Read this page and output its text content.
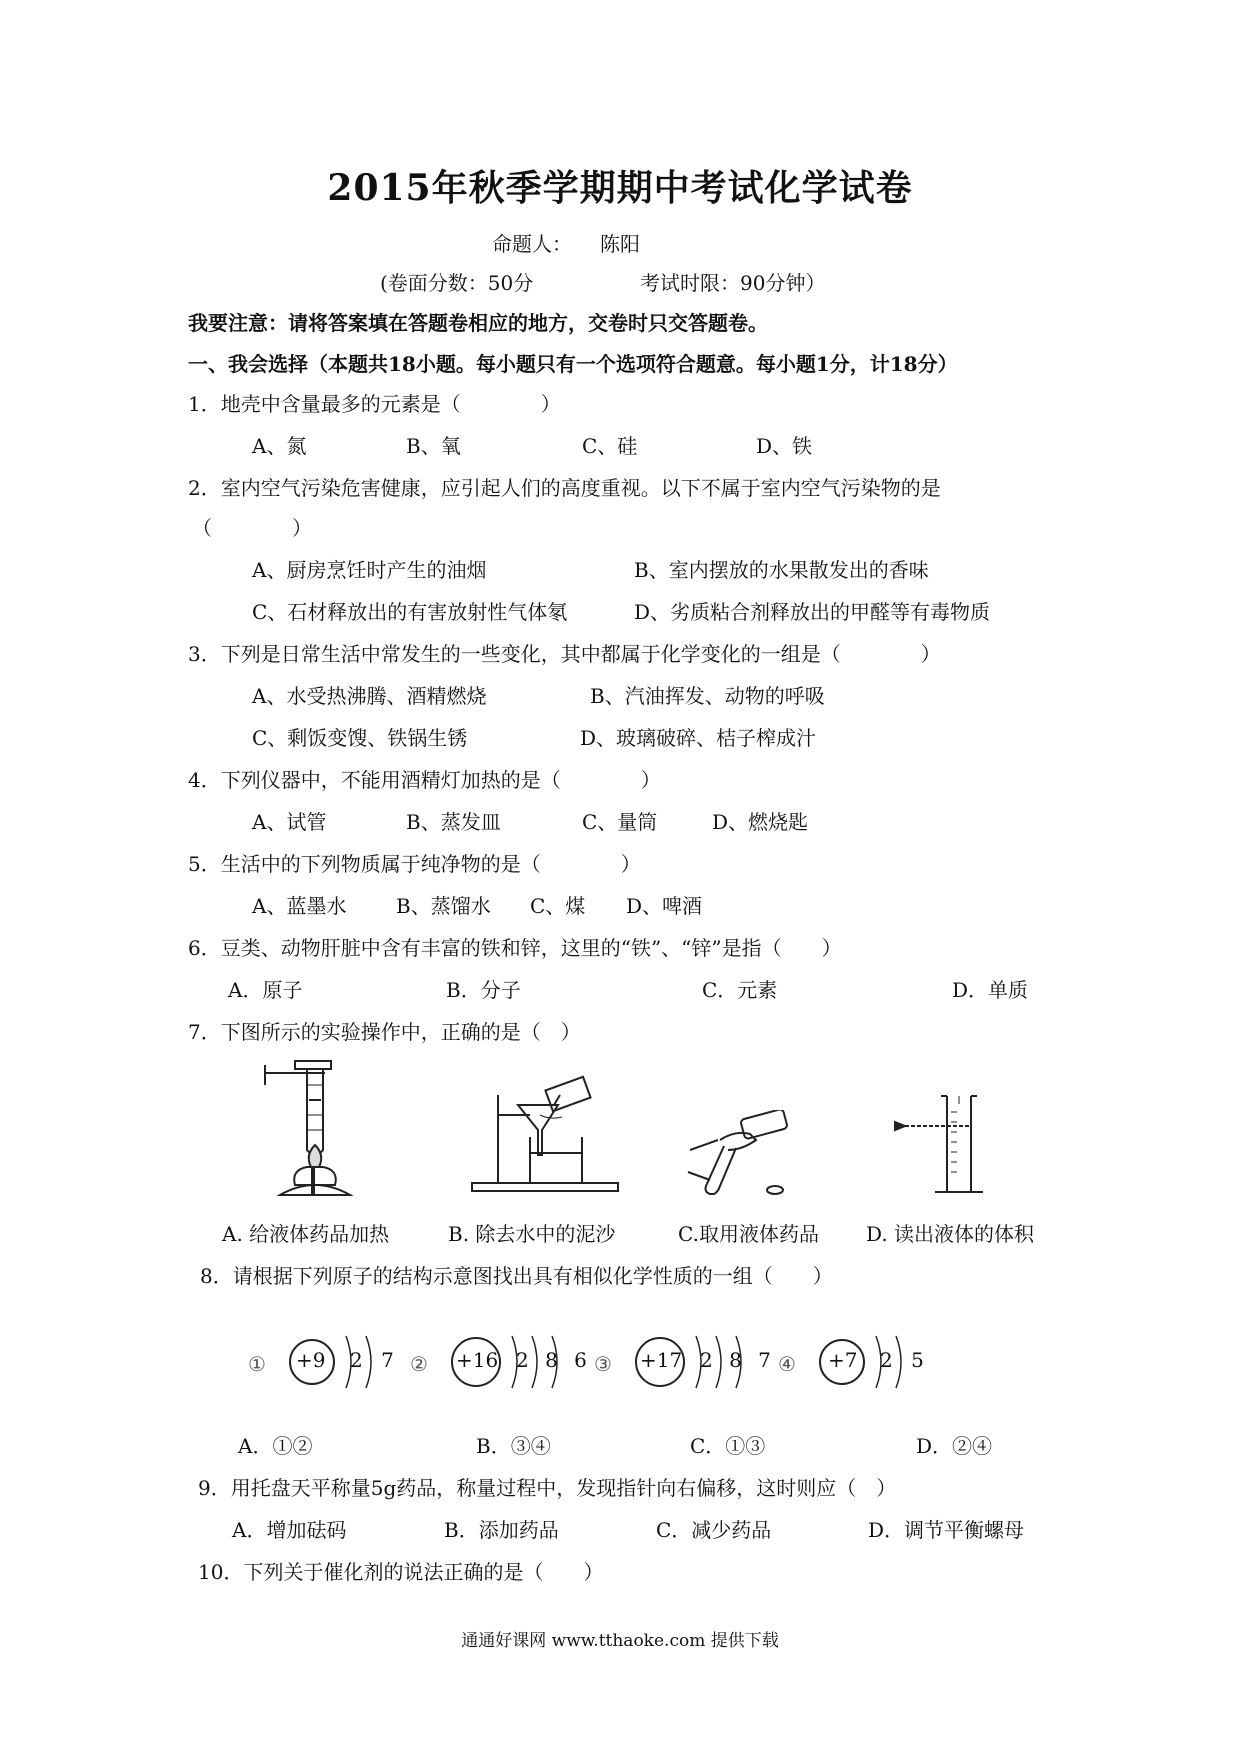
2015年秋季学期期中考试化学试卷
命题人： 陈阳
(卷面分数：50分	考试时限：90分钟）
我要注意：请将答案填在答题卷相应的地方，交卷时只交答题卷。
一、我会选择（本题共18小题。每小题只有一个选项符合题意。每小题1分，计18分）
1．地壳中含量最多的元素是（　　　　）
A、氮	B、氧	C、硅	D、铁
2．室内空气污染危害健康，应引起人们的高度重视。以下不属于室内空气污染物的是
（　　　　）
A、厨房烹饪时产生的油烟	B、室内摆放的水果散发出的香味
C、石材释放出的有害放射性气体氡	D、劣质粘合剂释放出的甲醛等有毒物质
3．下列是日常生活中常发生的一些变化，其中都属于化学变化的一组是（　　　　）
A、水受热沸腾、酒精燃烧	B、汽油挥发、动物的呼吸
C、剩饭变馊、铁锅生锈	D、玻璃破碎、桔子榨成汁
4．下列仪器中，不能用酒精灯加热的是（　　　　）
A、试管	B、蒸发皿	C、量筒	D、燃烧匙
5．生活中的下列物质属于纯净物的是（　　　　）
A、蓝墨水 B、蒸馏水 C、煤 D、啤酒
6．豆类、动物肝脏中含有丰富的铁和锌，这里的“铁”、“锌”是指（　　）
A．原子	B．分子	C．元素	D．单质
7．下图所示的实验操作中，正确的是（　）
A. 给液体药品加热	B. 除去水中的泥沙	C.取用液体药品 D. 读出液体的体积
8．请根据下列原子的结构示意图找出具有相似化学性质的一组（　　）
① +9 2 7 ② +16 2 8 6 ③ +17 2 8 7 ④ +7 2 5
A．①②	B．③④	C．①③	D．②④
9．用托盘天平称量5g药品，称量过程中，发现指针向右偏移，这时则应（　）
A．增加砝码	B．添加药品	C．减少药品	D．调节平衡螺母
10．下列关于催化剂的说法正确的是（　　）
通通好课网 www.tthaoke.com 提供下载
